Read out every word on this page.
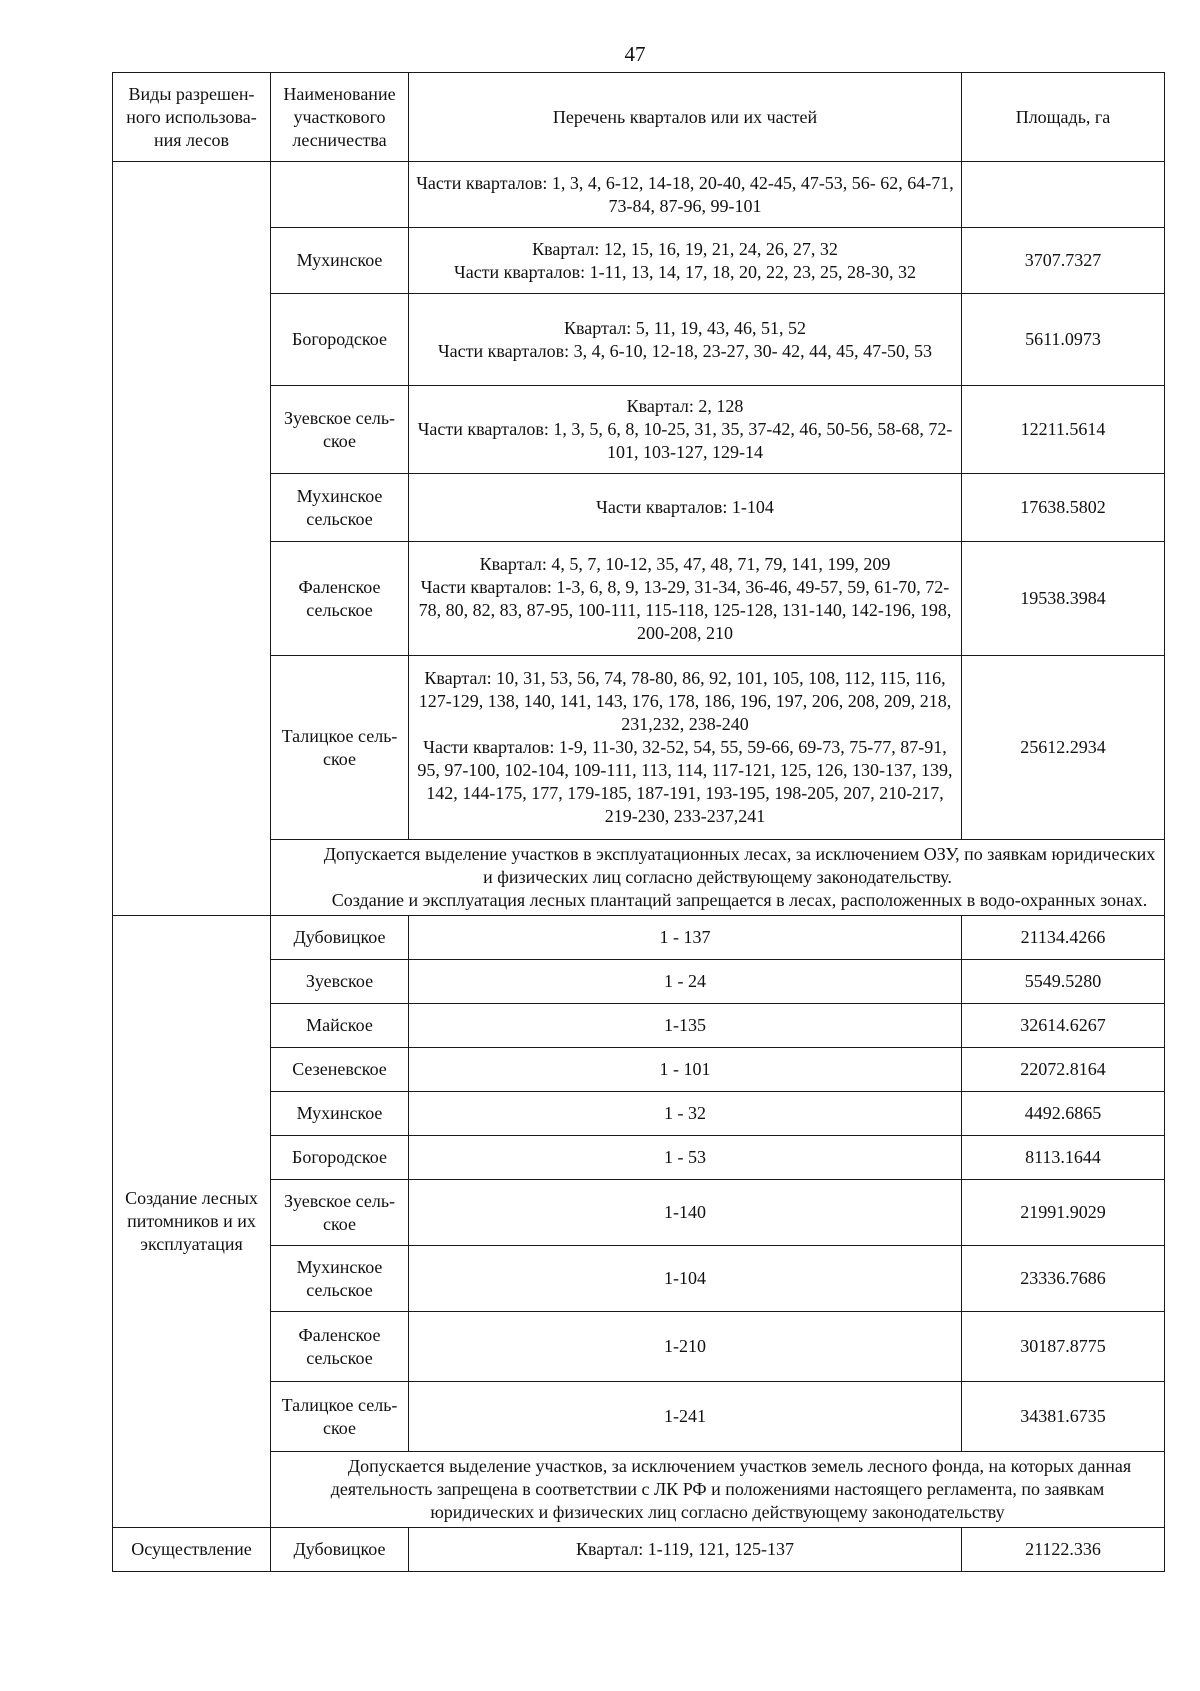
47
Виды разрешен-ного использова-ния лесов	Наименование участкового лесничества	Перечень кварталов или их частей	Площадь, га
		Части кварталов: 1, 3, 4, 6-12, 14-18, 20-40, 42-45, 47-53, 56- 62, 64-71, 73-84, 87-96, 99-101	
	Мухинское	Квартал: 12, 15, 16, 19, 21, 24, 26, 27, 32
Части кварталов: 1-11, 13, 14, 17, 18, 20, 22, 23, 25, 28-30, 32	3707.7327
	Богородское	Квартал: 5, 11, 19, 43, 46, 51, 52
Части кварталов: 3, 4, 6-10, 12-18, 23-27, 30- 42, 44, 45, 47-50, 53	5611.0973
	Зуевское сель-ское	Квартал: 2, 128
Части кварталов: 1, 3, 5, 6, 8, 10-25, 31, 35, 37-42, 46, 50-56, 58-68, 72-101, 103-127, 129-14	12211.5614
	Мухинское сельское	Части кварталов: 1-104	17638.5802
	Фаленское сельское	Квартал: 4, 5, 7, 10-12, 35, 47, 48, 71, 79, 141, 199, 209
Части кварталов: 1-3, 6, 8, 9, 13-29, 31-34, 36-46, 49-57, 59, 61-70, 72-78, 80, 82, 83, 87-95, 100-111, 115-118, 125-128, 131-140, 142-196, 198, 200-208, 210	19538.3984
	Талицкое сель-ское	Квартал: 10, 31, 53, 56, 74, 78-80, 86, 92, 101, 105, 108, 112, 115, 116, 127-129, 138, 140, 141, 143, 176, 178, 186, 196, 197, 206, 208, 209, 218, 231,232, 238-240
Части кварталов: 1-9, 11-30, 32-52, 54, 55, 59-66, 69-73, 75-77, 87-91, 95, 97-100, 102-104, 109-111, 113, 114, 117-121, 125, 126, 130-137, 139, 142, 144-175, 177, 179-185, 187-191, 193-195, 198-205, 207, 210-217, 219-230, 233-237,241	25612.2934

	Допускается выделение участков в эксплуатационных лесах, за исключением ОЗУ, по заявкам юридических и физических лиц согласно действующему законодательству.

Создание и эксплуатация лесных плантаций запрещается в лесах, расположенных в водо-охранных зонах.		

Создание лесных питомников и их эксплуатация	Дубовицкое	1 - 137	21134.4266
	Зуевское	1 - 24	5549.5280
	Майское	1-135	32614.6267
	Сезеневское	1 - 101	22072.8164
	Мухинское	1 - 32	4492.6865
	Богородское	1 - 53	8113.1644
	Зуевское сель-ское	1-140	21991.9029
	Мухинское сельское	1-104	23336.7686
	Фаленское сельское	1-210	30187.8775
	Талицкое сель-ское	1-241	34381.6735

	Допускается выделение участков, за исключением участков земель лесного фонда, на которых данная деятельность запрещена в соответствии с ЛК РФ и положениями настоящего регламента, по заявкам юридических и физических лиц согласно действующему законодательству		

Осуществление	Дубовицкое	Квартал: 1-119, 121, 125-137	21122.336
